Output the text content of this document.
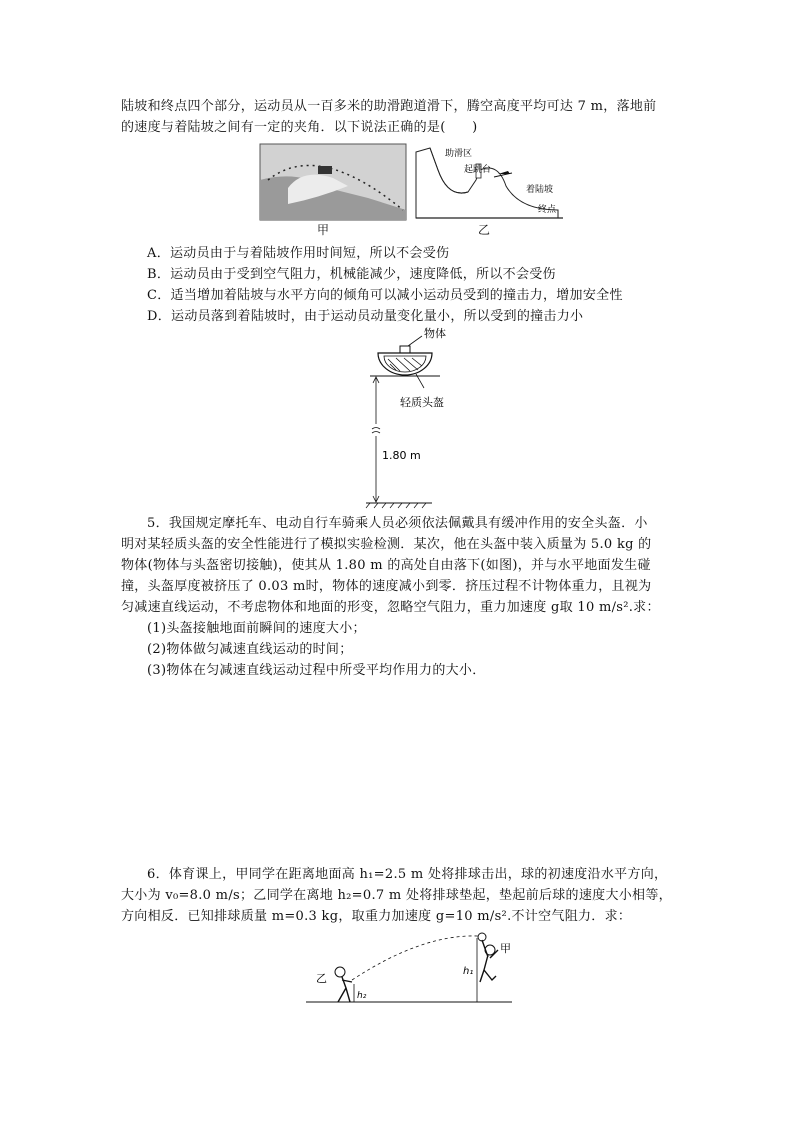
陆坡和终点四个部分，运动员从一百多米的助滑跑道滑下，腾空高度平均可达 7 m，落地前
的速度与着陆坡之间有一定的夹角．以下说法正确的是(　　)
助滑区
起跳台
着陆坡
终点
甲	乙
A．运动员由于与着陆坡作用时间短，所以不会受伤
B．运动员由于受到空气阻力，机械能减少，速度降低，所以不会受伤
C．适当增加着陆坡与水平方向的倾角可以减小运动员受到的撞击力，增加安全性
D．运动员落到着陆坡时，由于运动员动量变化量小，所以受到的撞击力小
物体
轻质头盔
1.80 m
5．我国规定摩托车、电动自行车骑乘人员必须依法佩戴具有缓冲作用的安全头盔．小
明对某轻质头盔的安全性能进行了模拟实验检测．某次，他在头盔中装入质量为 5.0 kg 的
物体(物体与头盔密切接触)，使其从 1.80 m 的高处自由落下(如图)，并与水平地面发生碰
撞，头盔厚度被挤压了 0.03 m时，物体的速度减小到零．挤压过程不计物体重力，且视为
匀减速直线运动，不考虑物体和地面的形变，忽略空气阻力，重力加速度 g取 10 m/s².求：
(1)头盔接触地面前瞬间的速度大小；
(2)物体做匀减速直线运动的时间；
(3)物体在匀减速直线运动过程中所受平均作用力的大小．
6．体育课上，甲同学在距离地面高 h₁=2.5 m 处将排球击出，球的初速度沿水平方向，
大小为 v₀=8.0 m/s；乙同学在离地 h₂=0.7 m 处将排球垫起，垫起前后球的速度大小相等，
方向相反．已知排球质量 m=0.3 kg，取重力加速度 g=10 m/s².不计空气阻力．求：
甲
h₁
乙
h₂
